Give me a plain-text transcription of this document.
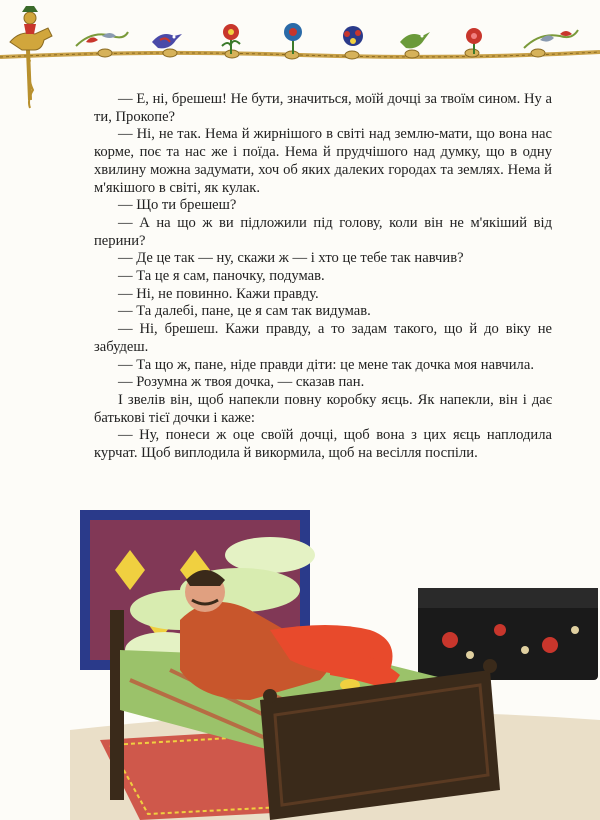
— Е, ні, брешеш! Не бути, значиться, моїй дочці за твоїм сином. Ну а ти, Прокопе?

— Ні, не так. Нема й жирнішого в світі над землю-мати, що вона нас корме, поє та нас же і поїда. Нема й прудчішого над думку, що в одну хвилину можна задумати, хоч об яких далеких городах та землях. Нема й м'якішого в світі, як кулак.

— Що ти брешеш?

— А на що ж ви підложили під голову, коли він не м'якіший від перини?

— Де це так — ну, скажи ж — і хто це тебе так навчив?

— Та це я сам, паночку, подумав.

— Ні, не повинно. Кажи правду.

— Та далебі, пане, це я сам так видумав.

— Ні, брешеш. Кажи правду, а то задам такого, що й до віку не забудеш.

— Та що ж, пане, ніде правди діти: це мене так дочка моя навчила.

— Розумна ж твоя дочка, — сказав пан.

І звелів він, щоб напекли повну коробку яєць. Як напекли, він і дає батькові тієї дочки і каже:

— Ну, понеси ж оце своїй дочці, щоб вона з цих яєць наплодила курчат. Щоб виплодила й викормила, щоб на весілля поспіли.
